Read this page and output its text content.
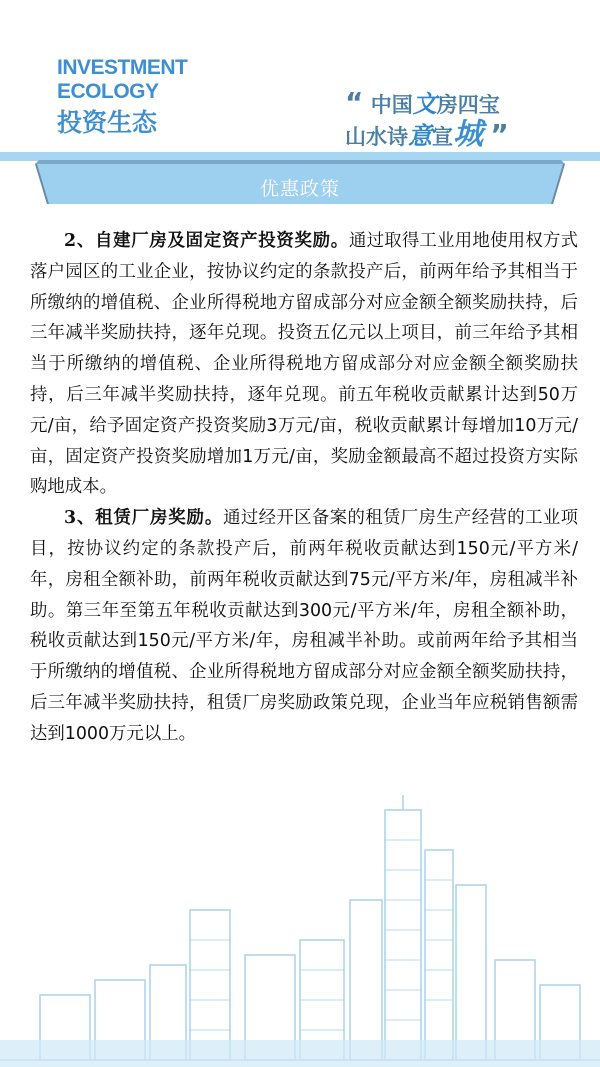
INVESTMENT
ECOLOGY
投资生态
“ 中国文房四宝
山水诗意宣城 ”
优惠政策

2、自建厂房及固定资产投资奖励。通过取得工业用地使用权方式落户园区的工业企业，按协议约定的条款投产后，前两年给予其相当于所缴纳的增值税、企业所得税地方留成部分对应金额全额奖励扶持，后三年减半奖励扶持，逐年兑现。投资五亿元以上项目，前三年给予其相当于所缴纳的增值税、企业所得税地方留成部分对应金额全额奖励扶持，后三年减半奖励扶持，逐年兑现。前五年税收贡献累计达到50万元/亩，给予固定资产投资奖励3万元/亩，税收贡献累计每增加10万元/亩，固定资产投资奖励增加1万元/亩，奖励金额最高不超过投资方实际购地成本。

3、租赁厂房奖励。通过经开区备案的租赁厂房生产经营的工业项目，按协议约定的条款投产后，前两年税收贡献达到150元/平方米/年，房租全额补助，前两年税收贡献达到75元/平方米/年，房租减半补助。第三年至第五年税收贡献达到300元/平方米/年，房租全额补助，税收贡献达到150元/平方米/年，房租减半补助。或前两年给予其相当于所缴纳的增值税、企业所得税地方留成部分对应金额全额奖励扶持，后三年减半奖励扶持，租赁厂房奖励政策兑现，企业当年应税销售额需达到1000万元以上。
